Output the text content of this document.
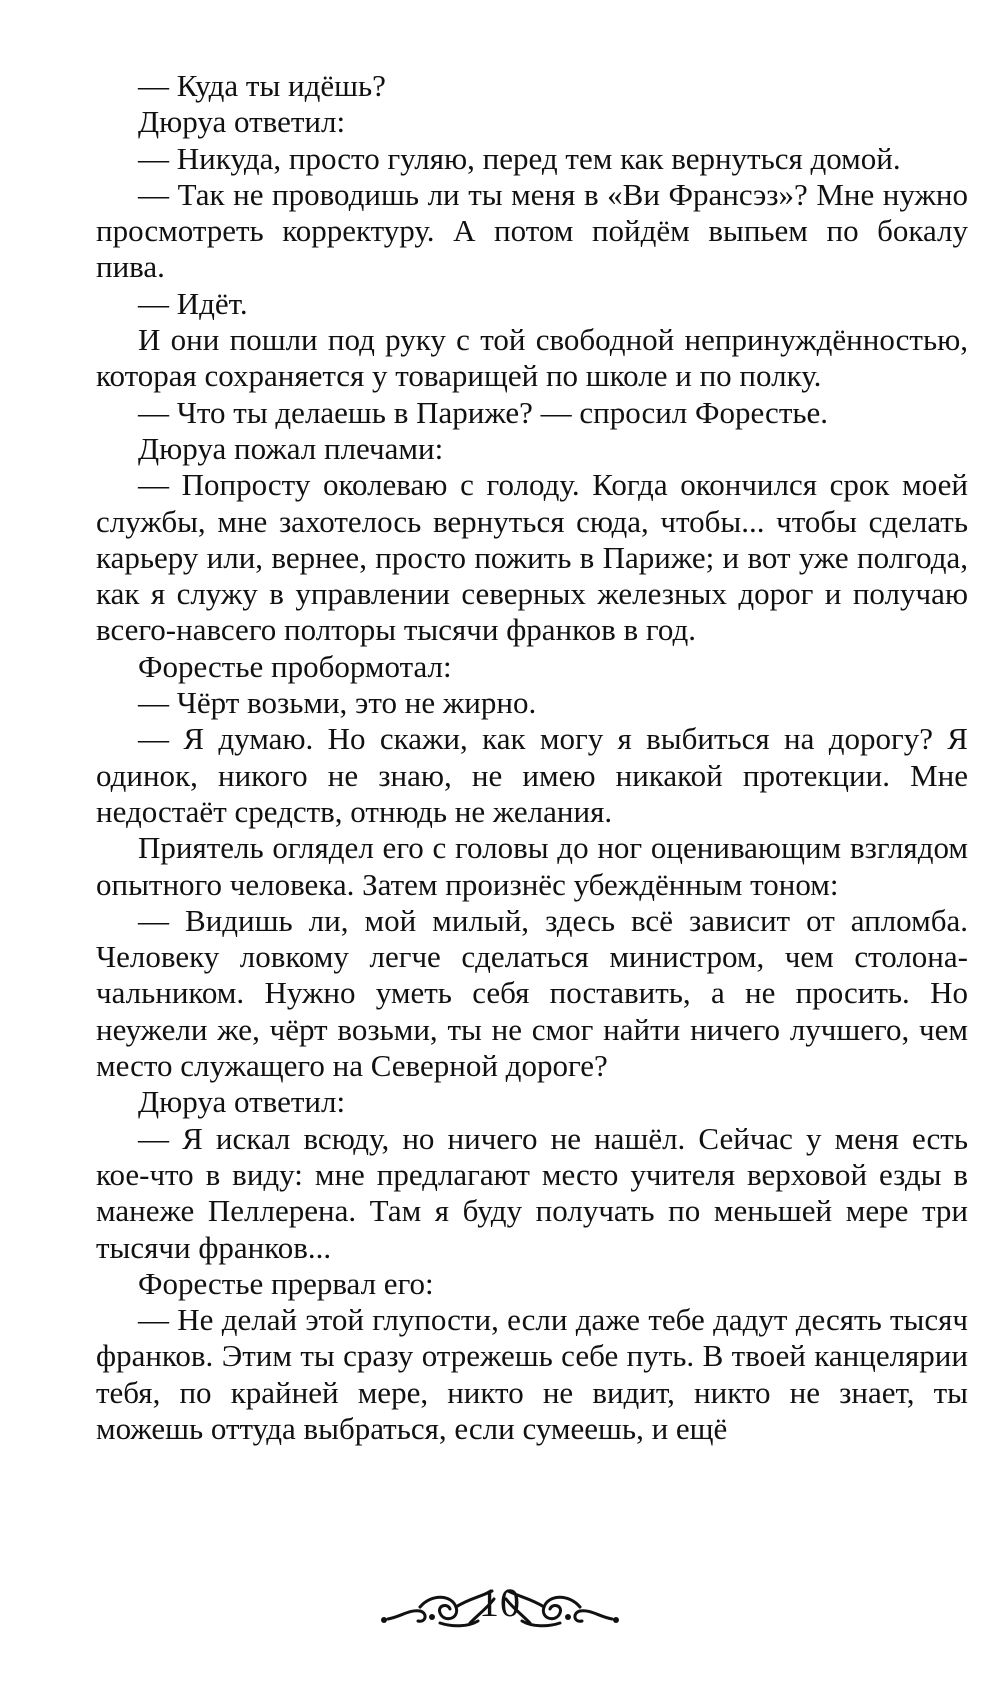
— Куда ты идёшь?

Дюруа ответил:

— Никуда, просто гуляю, перед тем как вернуться домой.

— Так не проводишь ли ты меня в «Ви Франсэз»? Мне нужно просмотреть корректуру. А потом пойдём выпьем по бокалу пива.

— Идёт.

И они пошли под руку с той свободной непринуждённостью, которая сохраняется у товарищей по школе и по полку.

— Что ты делаешь в Париже? — спросил Форестье.

Дюруа пожал плечами:

— Попросту околеваю с голоду. Когда окончился срок моей службы, мне захотелось вернуться сюда, чтобы... чтобы сделать карьеру или, вернее, просто пожить в Париже; и вот уже полгода, как я служу в управлении северных железных дорог и получаю всего-навсего полторы тысячи франков в год.

Форестье пробормотал:

— Чёрт возьми, это не жирно.

— Я думаю. Но скажи, как могу я выбиться на дорогу? Я одинок, никого не знаю, не имею никакой протекции. Мне недостаёт средств, отнюдь не желания.

Приятель оглядел его с головы до ног оценивающим взглядом опытного человека. Затем произнёс убеждённым тоном:

— Видишь ли, мой милый, здесь всё зависит от апломба. Человеку ловкому легче сделаться министром, чем столоначальником. Нужно уметь себя поставить, а не просить. Но неужели же, чёрт возьми, ты не смог найти ничего лучшего, чем место служащего на Северной дороге?

Дюруа ответил:

— Я искал всюду, но ничего не нашёл. Сейчас у меня есть кое-что в виду: мне предлагают место учителя верховой езды в манеже Пеллерена. Там я буду получать по меньшей мере три тысячи франков...

Форестье прервал его:

— Не делай этой глупости, если даже тебе дадут десять тысяч франков. Этим ты сразу отрежешь себе путь. В твоей канцелярии тебя, по крайней мере, никто не видит, никто не знает, ты можешь оттуда выбраться, если сумеешь, и ещё

10
